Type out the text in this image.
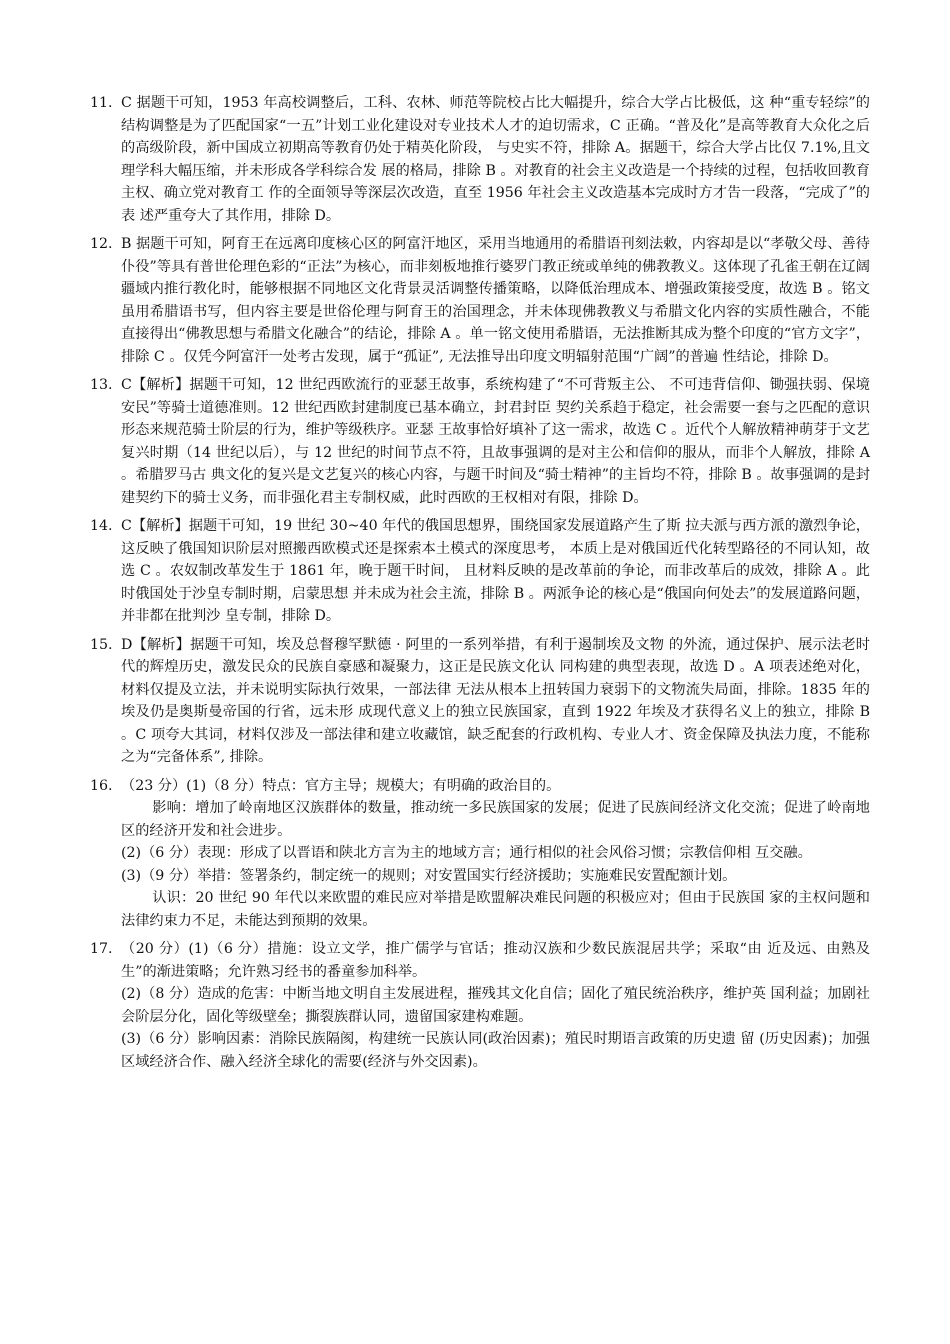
11. C 据题干可知，1953 年高校调整后，工科、农林、师范等院校占比大幅提升，综合大学占比极低，这 种“重专轻综”的结构调整是为了匹配国家“一五”计划工业化建设对专业技术人才的迫切需求，C 正确。“普及化”是高等教育大众化之后的高级阶段，新中国成立初期高等教育仍处于精英化阶段， 与史实不符，排除 A。据题干，综合大学占比仅 7.1%,且文理学科大幅压缩，并未形成各学科综合发 展的格局，排除 B 。对教育的社会主义改造是一个持续的过程，包括收回教育主权、确立党对教育工 作的全面领导等深层次改造，直至 1956 年社会主义改造基本完成时方才告一段落，“完成了”的表 述严重夸大了其作用，排除 D。

12. B 据题干可知，阿育王在远离印度核心区的阿富汗地区，采用当地通用的希腊语刊刻法敕，内容却是以“孝敬父母、善待仆役”等具有普世伦理色彩的“正法”为核心，而非刻板地推行婆罗门教正统或单纯的佛教教义。这体现了孔雀王朝在辽阔疆域内推行教化时，能够根据不同地区文化背景灵活调整传播策略，以降低治理成本、增强政策接受度，故选 B 。铭文虽用希腊语书写，但内容主要是世俗伦理与阿育王的治国理念，并未体现佛教教义与希腊文化内容的实质性融合，不能直接得出“佛教思想与希腊文化融合”的结论，排除 A 。单一铭文使用希腊语，无法推断其成为整个印度的“官方文字”，排除 C 。仅凭今阿富汗一处考古发现，属于“孤证”, 无法推导出印度文明辐射范围“广阔”的普遍 性结论，排除 D。

13. C【解析】据题干可知，12 世纪西欧流行的亚瑟王故事，系统构建了“不可背叛主公、 不可违背信仰、锄强扶弱、保境安民”等骑士道德准则。12 世纪西欧封建制度已基本确立，封君封臣 契约关系趋于稳定，社会需要一套与之匹配的意识形态来规范骑士阶层的行为，维护等级秩序。亚瑟 王故事恰好填补了这一需求，故选 C 。近代个人解放精神萌芽于文艺复兴时期（14 世纪以后），与 12 世纪的时间节点不符，且故事强调的是对主公和信仰的服从，而非个人解放，排除 A 。希腊罗马古 典文化的复兴是文艺复兴的核心内容，与题干时间及“骑士精神”的主旨均不符，排除 B 。故事强调的是封建契约下的骑士义务，而非强化君主专制权威，此时西欧的王权相对有限，排除 D。

14. C【解析】据题干可知，19 世纪 30~40 年代的俄国思想界，围绕国家发展道路产生了斯 拉夫派与西方派的激烈争论，这反映了俄国知识阶层对照搬西欧模式还是探索本土模式的深度思考， 本质上是对俄国近代化转型路径的不同认知，故选 C 。农奴制改革发生于 1861 年，晚于题干时间， 且材料反映的是改革前的争论，而非改革后的成效，排除 A 。此时俄国处于沙皇专制时期，启蒙思想 并未成为社会主流，排除 B 。两派争论的核心是“俄国向何处去”的发展道路问题，并非都在批判沙 皇专制，排除 D。

15. D【解析】据题干可知，埃及总督穆罕默德 · 阿里的一系列举措，有利于遏制埃及文物 的外流，通过保护、展示法老时代的辉煌历史，激发民众的民族自豪感和凝聚力，这正是民族文化认 同构建的典型表现，故选 D 。A 项表述绝对化，材料仅提及立法，并未说明实际执行效果，一部法律 无法从根本上扭转国力衰弱下的文物流失局面，排除。1835 年的埃及仍是奥斯曼帝国的行省，远未形 成现代意义上的独立民族国家，直到 1922 年埃及才获得名义上的独立，排除 B 。C 项夸大其词，材料仅涉及一部法律和建立收藏馆，缺乏配套的行政机构、专业人才、资金保障及执法力度，不能称之为“完备体系”, 排除。

16. （23 分）(1)（8 分）特点：官方主导；规模大；有明确的政治目的。

影响：增加了岭南地区汉族群体的数量，推动统一多民族国家的发展；促进了民族间经济文化交流；促进了岭南地区的经济开发和社会进步。

(2)（6 分）表现：形成了以晋语和陕北方言为主的地域方言；通行相似的社会风俗习惯；宗教信仰相 互交融。

(3)（9 分）举措：签署条约，制定统一的规则；对安置国实行经济援助；实施难民安置配额计划。

认识：20 世纪 90 年代以来欧盟的难民应对举措是欧盟解决难民问题的积极应对；但由于民族国 家的主权问题和法律约束力不足，未能达到预期的效果。

17. （20 分）(1)（6 分）措施：设立文学，推广儒学与官话；推动汉族和少数民族混居共学；采取“由 近及远、由熟及生”的渐进策略；允许熟习经书的番童参加科举。

(2)（8 分）造成的危害：中断当地文明自主发展进程，摧残其文化自信；固化了殖民统治秩序，维护英 国利益；加剧社会阶层分化，固化等级壁垒；撕裂族群认同，遗留国家建构难题。

(3)（6 分）影响因素：消除民族隔阂，构建统一民族认同(政治因素)；殖民时期语言政策的历史遗 留 (历史因素)；加强区域经济合作、融入经济全球化的需要(经济与外交因素)。
